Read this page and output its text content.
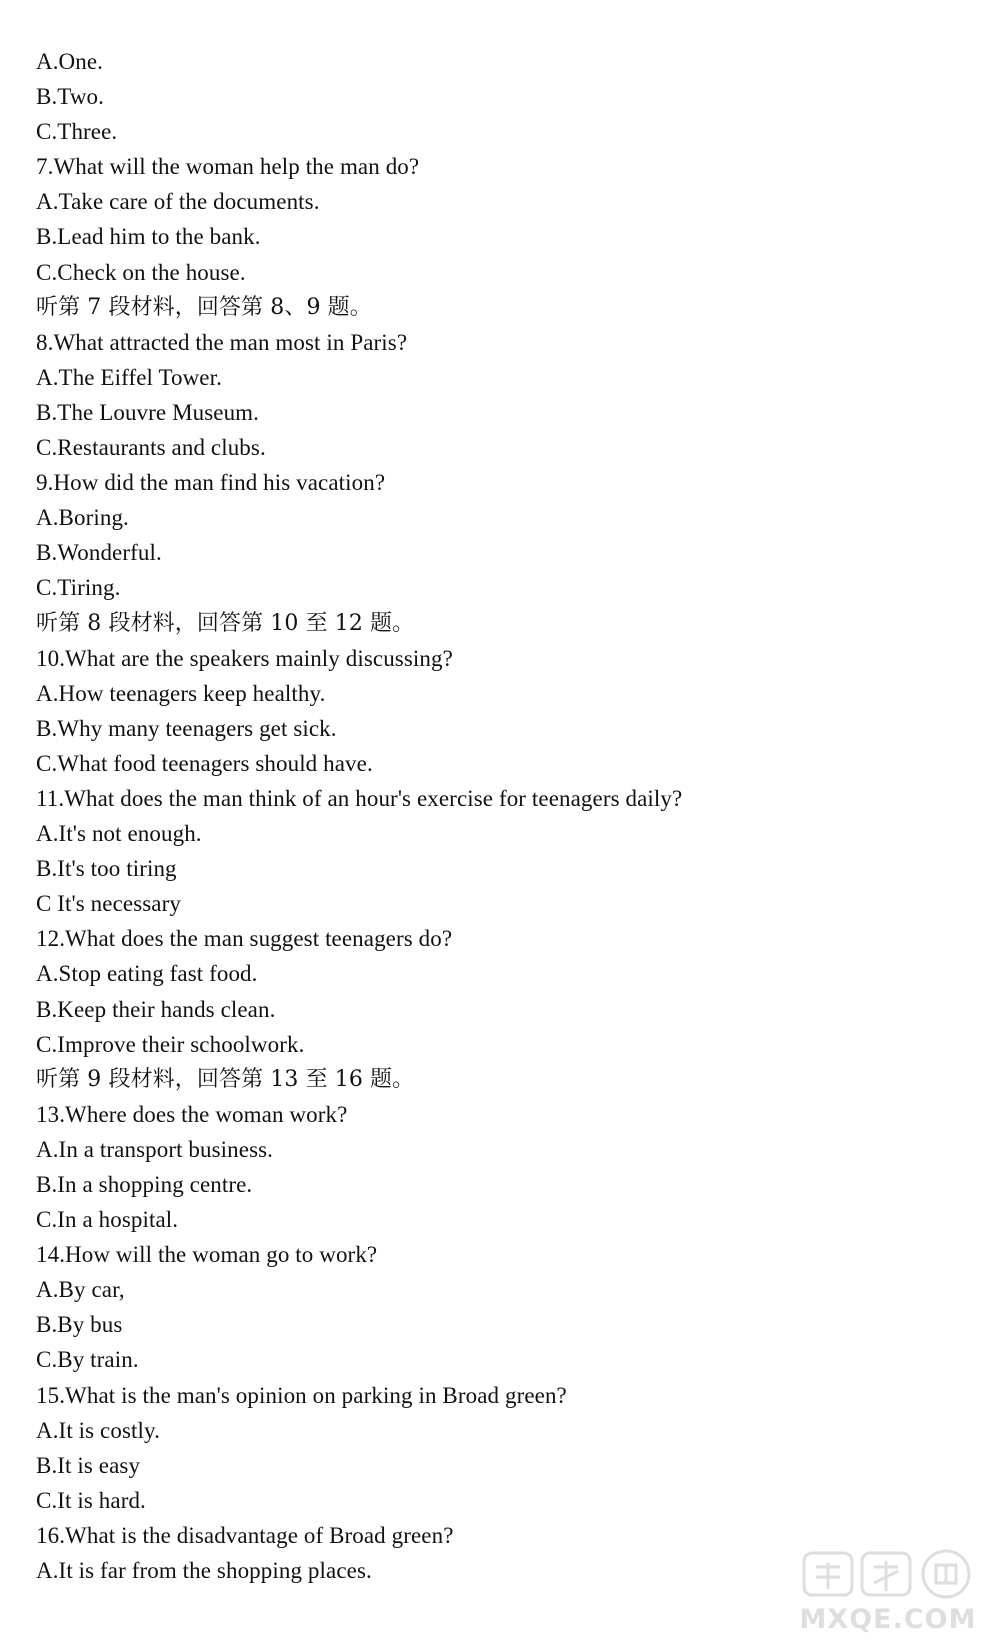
A.One.
B.Two.
C.Three.
7.What will the woman help the man do?
A.Take care of the documents.
B.Lead him to the bank.
C.Check on the house.
听第 7 段材料，回答第 8、9 题。
8.What attracted the man most in Paris?
A.The Eiffel Tower.
B.The Louvre Museum.
C.Restaurants and clubs.
9.How did the man find his vacation?
A.Boring.
B.Wonderful.
C.Tiring.
听第 8 段材料，回答第 10 至 12 题。
10.What are the speakers mainly discussing?
A.How teenagers keep healthy.
B.Why many teenagers get sick.
C.What food teenagers should have.
11.What does the man think of an hour's exercise for teenagers daily?
A.It's not enough.
B.It's too tiring
C It's necessary
12.What does the man suggest teenagers do?
A.Stop eating fast food.
B.Keep their hands clean.
C.Improve their schoolwork.
听第 9 段材料，回答第 13 至 16 题。
13.Where does the woman work?
A.In a transport business.
B.In a shopping centre.
C.In a hospital.
14.How will the woman go to work?
A.By car,
B.By bus
C.By train.
15.What is the man's opinion on parking in Broad green?
A.It is costly.
B.It is easy
C.It is hard.
16.What is the disadvantage of Broad green?
A.It is far from the shopping places.
MXQE.COM
